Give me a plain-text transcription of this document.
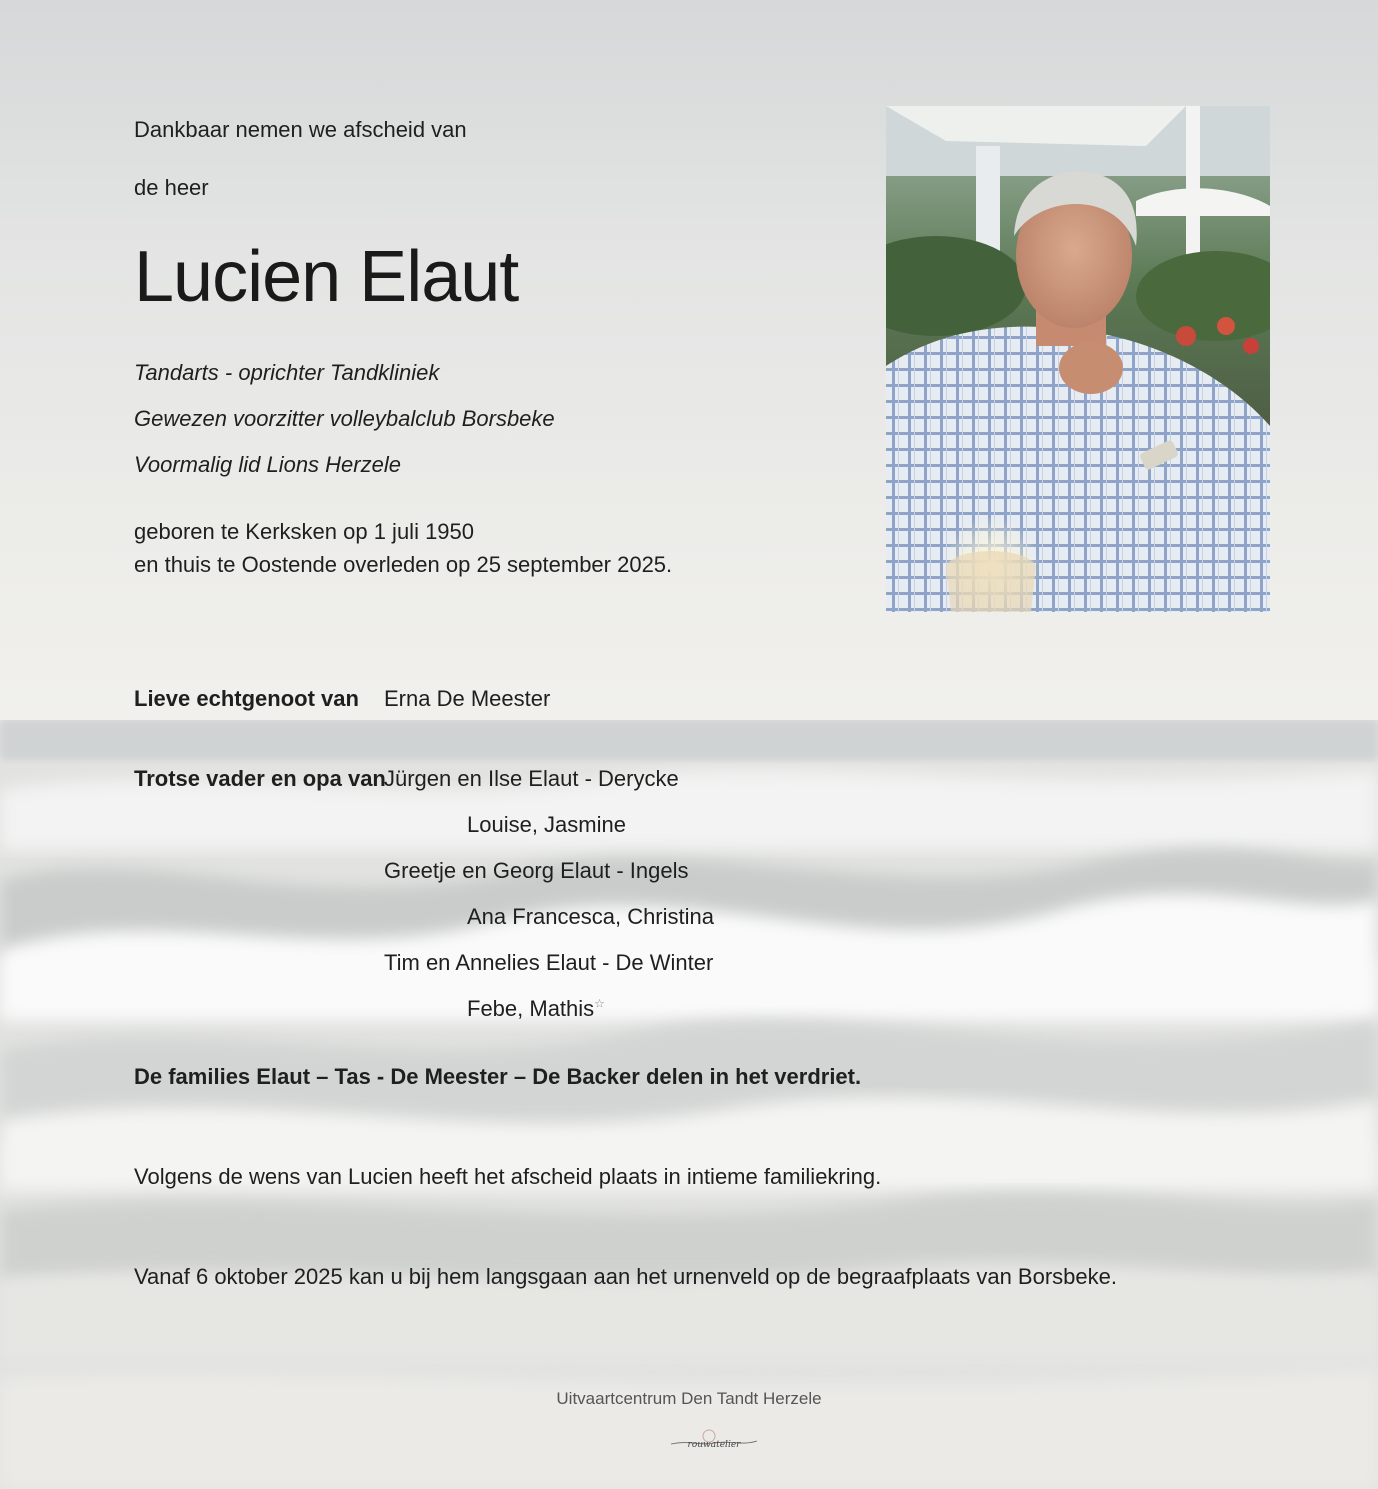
Dankbaar nemen we afscheid van
de heer
Lucien Elaut
Tandarts - oprichter Tandkliniek
Gewezen voorzitter volleybalclub Borsbeke
Voormalig lid Lions Herzele
geboren te Kerksken op 1 juli 1950
en thuis te Oostende overleden op 25 september 2025.
Lieve echtgenoot van Erna De Meester
Trotse vader en opa van
Jürgen en Ilse Elaut - Derycke
Louise, Jasmine
Greetje en Georg Elaut - Ingels
Ana Francesca, Christina
Tim en Annelies Elaut - De Winter
Febe, Mathis☆
De families Elaut – Tas - De Meester – De Backer delen in het verdriet.
Volgens de wens van Lucien heeft het afscheid plaats in intieme familiekring.
Vanaf 6 oktober 2025 kan u bij hem langsgaan aan het urnenveld op de begraafplaats van Borsbeke.
Uitvaartcentrum Den Tandt Herzele
rouwatelier
